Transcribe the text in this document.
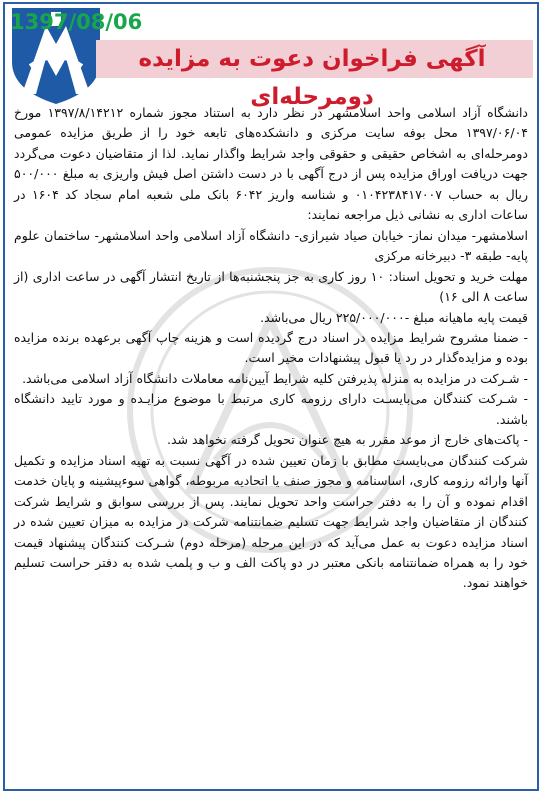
1397/08/06
آگهی فراخوان دعوت به مزایده دومرحله‌ای

دانشگاه آزاد اسلامی واحد اسلامشهر در نظر دارد به استناد مجوز شماره ۱۳۹۷/۸/۱۴۲۱۲ مورخ ۱۳۹۷/۰۶/۰۴ محل بوفه سایت مرکزی و دانشکده‌های تابعه خود را از طریق مزایده عمومی دومرحله‌ای به اشخاص حقیقی و حقوقی واجد شرایط واگذار نماید. لذا از متقاضیان دعوت می‌گردد جهت دریافت اوراق مزایده پس از درج آگهی با در دست داشتن اصل فیش واریزی به مبلغ ۵۰۰/۰۰۰ ریال به حساب ۰۱۰۴۲۳۸۴۱۷۰۰۷ و شناسه واریز ۶۰۴۲ بانک ملی شعبه امام سجاد کد ۱۶۰۴ در ساعات اداری به نشانی ذیل مراجعه نمایند:

اسلامشهر- میدان نماز- خیابان صیاد شیرازی- دانشگاه آزاد اسلامی واحد اسلامشهر- ساختمان علوم پایه- طبقه ۳- دبیرخانه مرکزی

مهلت خرید و تحویل اسناد: ۱۰ روز کاری به جز پنجشنبه‌ها از تاریخ انتشار آگهی در ساعت اداری (از ساعت ۸ الی ۱۶)

قیمت پایه ماهیانه مبلغ -۲۲۵/۰۰۰/۰۰۰ ریال می‌باشد.

- ضمنا مشروح شرایط مزایده در اسناد درج گردیده است و هزینه چاپ آگهی برعهده برنده مزایده بوده و مزایده‌گذار در رد یا قبول پیشنهادات مخیر است.

- شـرکت در مزایده به منزله پذیرفتن کلیه شرایط آیین‌نامه معاملات دانشگاه آزاد اسلامی می‌باشد.

- شـرکت کنندگان می‌بایسـت دارای رزومه کاری مرتبط با موضوع مزایـده و مورد تایید دانشگاه باشند.

- پاکت‌های خارج از موعد مقرر به هیچ عنوان تحویل گرفته نخواهد شد.

شرکت کنندگان می‌بایست مطابق با زمان تعیین شده در آگهی نسبت به تهیه اسناد مزایده و تکمیل آنها وارائه رزومه کاری، اساسنامه و مجوز صنف یا اتحادیه مربوطه، گواهی سوءپیشینه و پایان خدمت اقدام نموده و آن را به دفتر حراست واحد تحویل نمایند. پس از بررسی سوابق و شرایط شرکت کنندگان از متقاضیان واجد شرایط جهت تسلیم ضمانتنامه شرکت در مزایده به میزان تعیین شده در اسناد مزایده دعوت به عمل می‌آید که در این مرحله (مرحله دوم) شـرکت کنندگان پیشنهاد قیمت خود را به همراه ضمانتنامه بانکی معتبر در دو پاکت الف و ب و پلمب شده به دفتر حراست تسلیم خواهند نمود.
